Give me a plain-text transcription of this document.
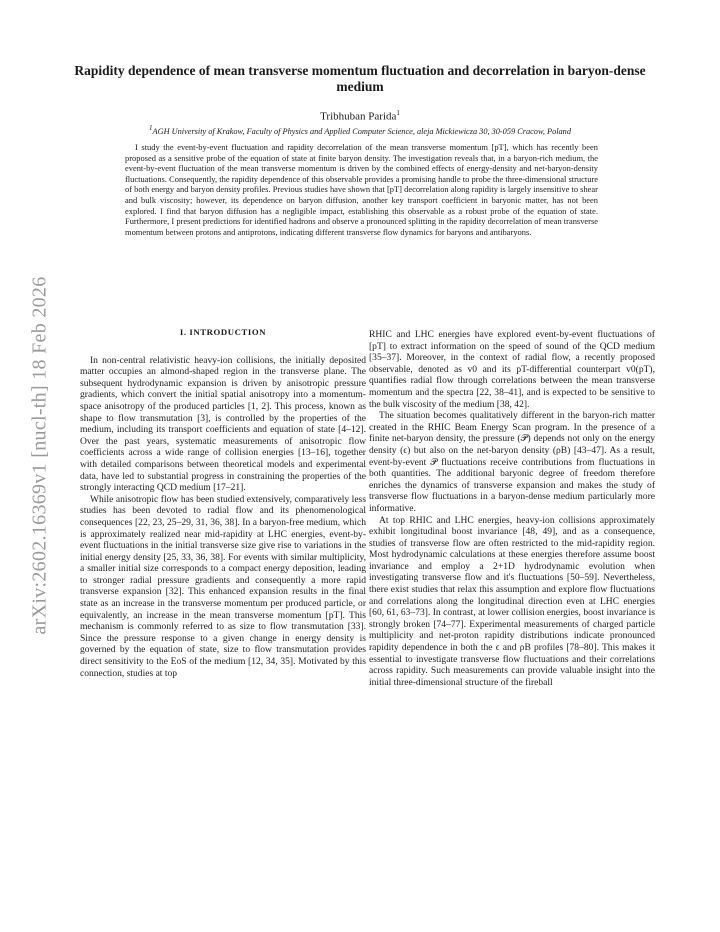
arXiv:2602.16369v1 [nucl-th] 18 Feb 2026
Rapidity dependence of mean transverse momentum fluctuation and decorrelation in baryon-dense medium
Tribhuban Parida$^1$
$^1$AGH University of Krakow, Faculty of Physics and Applied Computer Science, aleja Mickiewicza 30, 30-059 Cracow, Poland
I study the event-by-event fluctuation and rapidity decorrelation of the mean transverse momentum [pT], which has recently been proposed as a sensitive probe of the equation of state at finite baryon density. The investigation reveals that, in a baryon-rich medium, the event-by-event fluctuation of the mean transverse momentum is driven by the combined effects of energy-density and net-baryon-density fluctuations. Consequently, the rapidity dependence of this observable provides a promising handle to probe the three-dimensional structure of both energy and baryon density profiles. Previous studies have shown that [pT] decorrelation along rapidity is largely insensitive to shear and bulk viscosity; however, its dependence on baryon diffusion, another key transport coefficient in baryonic matter, has not been explored. I find that baryon diffusion has a negligible impact, establishing this observable as a robust probe of the equation of state. Furthermore, I present predictions for identified hadrons and observe a pronounced splitting in the rapidity decorrelation of mean transverse momentum between protons and antiprotons, indicating different transverse flow dynamics for baryons and antibaryons.
I. INTRODUCTION

In non-central relativistic heavy-ion collisions, the initially deposited matter occupies an almond-shaped region in the transverse plane. The subsequent hydrodynamic expansion is driven by anisotropic pressure gradients, which convert the initial spatial anisotropy into a momentum-space anisotropy of the produced particles [1, 2]. This process, known as shape to flow transmutation [3], is controlled by the properties of the medium, including its transport coefficients and equation of state [4–12]. Over the past years, systematic measurements of anisotropic flow coefficients across a wide range of collision energies [13–16], together with detailed comparisons between theoretical models and experimental data, have led to substantial progress in constraining the properties of the strongly interacting QCD medium [17–21].

While anisotropic flow has been studied extensively, comparatively less studies has been devoted to radial flow and its phenomenological consequences [22, 23, 25–29, 31, 36, 38]. In a baryon-free medium, which is approximately realized near mid-rapidity at LHC energies, event-by-event fluctuations in the initial transverse size give rise to variations in the initial energy density [25, 33, 36, 38]. For events with similar multiplicity, a smaller initial size corresponds to a compact energy deposition, leading to stronger radial pressure gradients and consequently a more rapid transverse expansion [32]. This enhanced expansion results in the final state as an increase in the transverse momentum per produced particle, or equivalently, an increase in the mean transverse momentum [pT]. This mechanism is commonly referred to as size to flow transmutation [33]. Since the pressure response to a given change in energy density is governed by the equation of state, size to flow transmutation provides direct sensitivity to the EoS of the medium [12, 34, 35]. Motivated by this connection, studies at top

RHIC and LHC energies have explored event-by-event fluctuations of [pT] to extract information on the speed of sound of the QCD medium [35–37]. Moreover, in the context of radial flow, a recently proposed observable, denoted as v0 and its pT-differential counterpart v0(pT), quantifies radial flow through correlations between the mean transverse momentum and the spectra [22, 38–41], and is expected to be sensitive to the bulk viscosity of the medium [38, 42].

The situation becomes qualitatively different in the baryon-rich matter created in the RHIC Beam Energy Scan program. In the presence of a finite net-baryon density, the pressure (𝒫) depends not only on the energy density (ϵ) but also on the net-baryon density (ρB) [43–47]. As a result, event-by-event 𝒫 fluctuations receive contributions from fluctuations in both quantities. The additional baryonic degree of freedom therefore enriches the dynamics of transverse expansion and makes the study of transverse flow fluctuations in a baryon-dense medium particularly more informative.

At top RHIC and LHC energies, heavy-ion collisions approximately exhibit longitudinal boost invariance [48, 49], and as a consequence, studies of transverse flow are often restricted to the mid-rapidity region. Most hydrodynamic calculations at these energies therefore assume boost invariance and employ a 2+1D hydrodynamic evolution when investigating transverse flow and it's fluctuations [50–59]. Nevertheless, there exist studies that relax this assumption and explore flow fluctuations and correlations along the longitudinal direction even at LHC energies [60, 61, 63–73]. In contrast, at lower collision energies, boost invariance is strongly broken [74–77]. Experimental measurements of charged particle multiplicity and net-proton rapidity distributions indicate pronounced rapidity dependence in both the ϵ and ρB profiles [78–80]. This makes it essential to investigate transverse flow fluctuations and their correlations across rapidity. Such measurements can provide valuable insight into the initial three-dimensional structure of the fireball
